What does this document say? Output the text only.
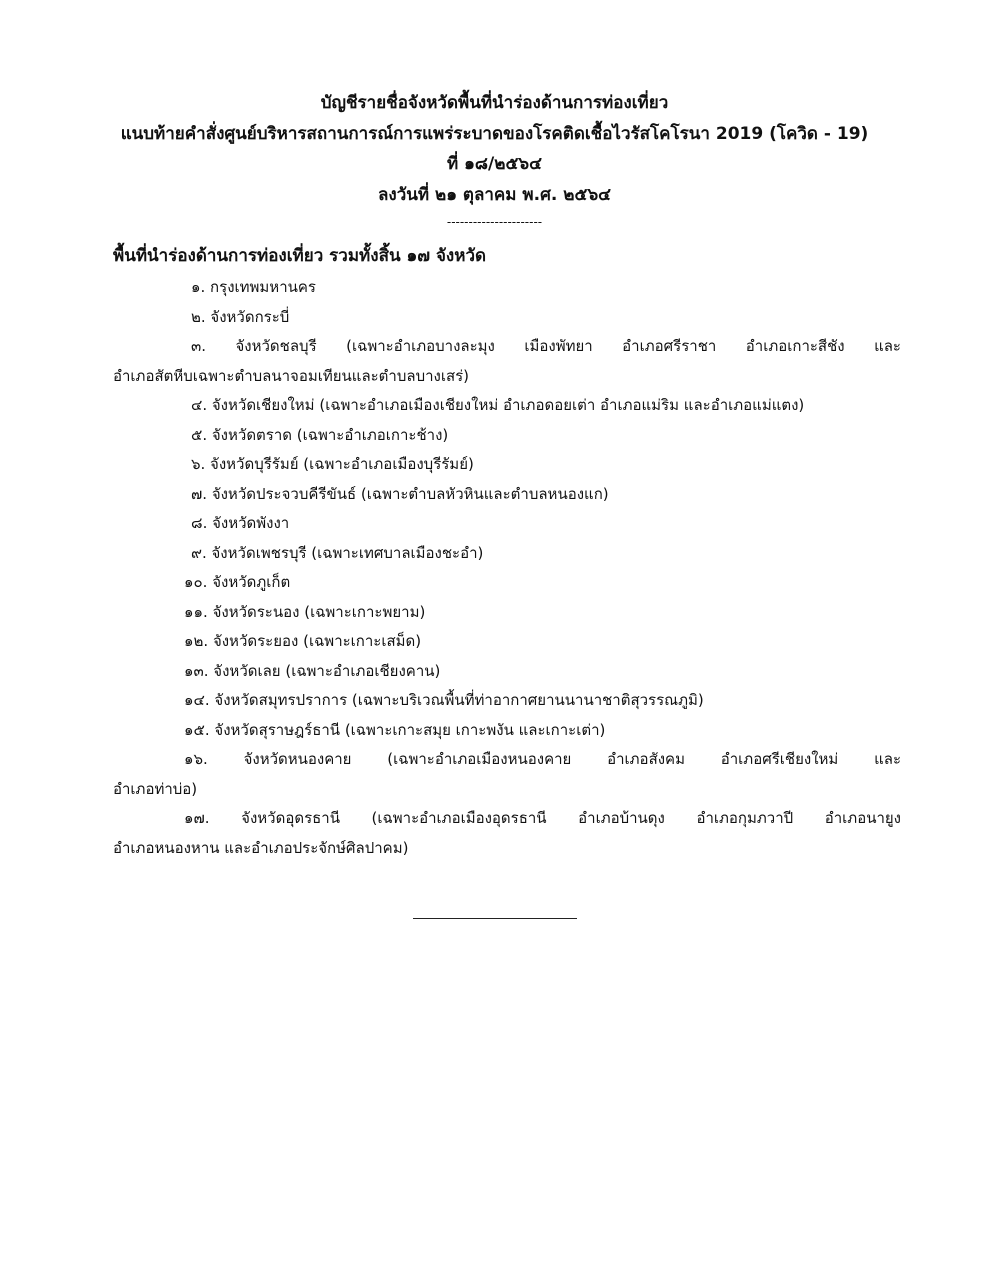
บัญชีรายชื่อจังหวัดพื้นที่นำร่องด้านการท่องเที่ยว
แนบท้ายคำสั่งศูนย์บริหารสถานการณ์การแพร่ระบาดของโรคติดเชื้อไวรัสโคโรนา 2019 (โควิด - 19)
ที่ ๑๘/๒๕๖๔
ลงวันที่ ๒๑ ตุลาคม พ.ศ. ๒๕๖๔
----------------------
พื้นที่นำร่องด้านการท่องเที่ยว รวมทั้งสิ้น ๑๗ จังหวัด
๑. กรุงเทพมหานคร
๒. จังหวัดกระบี่
๓. จังหวัดชลบุรี (เฉพาะอำเภอบางละมุง เมืองพัทยา อำเภอศรีราชา อำเภอเกาะสีชัง และ
อำเภอสัตหีบเฉพาะตำบลนาจอมเทียนและตำบลบางเสร่)
๔. จังหวัดเชียงใหม่ (เฉพาะอำเภอเมืองเชียงใหม่ อำเภอดอยเต่า อำเภอแม่ริม และอำเภอแม่แตง)
๕. จังหวัดตราด (เฉพาะอำเภอเกาะช้าง)
๖. จังหวัดบุรีรัมย์ (เฉพาะอำเภอเมืองบุรีรัมย์)
๗. จังหวัดประจวบคีรีขันธ์ (เฉพาะตำบลหัวหินและตำบลหนองแก)
๘. จังหวัดพังงา
๙. จังหวัดเพชรบุรี (เฉพาะเทศบาลเมืองชะอำ)
๑๐. จังหวัดภูเก็ต
๑๑. จังหวัดระนอง (เฉพาะเกาะพยาม)
๑๒. จังหวัดระยอง (เฉพาะเกาะเสม็ด)
๑๓. จังหวัดเลย (เฉพาะอำเภอเชียงคาน)
๑๔. จังหวัดสมุทรปราการ (เฉพาะบริเวณพื้นที่ท่าอากาศยานนานาชาติสุวรรณภูมิ)
๑๕. จังหวัดสุราษฎร์ธานี (เฉพาะเกาะสมุย เกาะพงัน และเกาะเต่า)
๑๖. จังหวัดหนองคาย (เฉพาะอำเภอเมืองหนองคาย อำเภอสังคม อำเภอศรีเชียงใหม่ และ
อำเภอท่าบ่อ)
๑๗. จังหวัดอุดรธานี (เฉพาะอำเภอเมืองอุดรธานี อำเภอบ้านดุง อำเภอกุมภวาปี อำเภอนายูง
อำเภอหนองหาน และอำเภอประจักษ์ศิลปาคม)
